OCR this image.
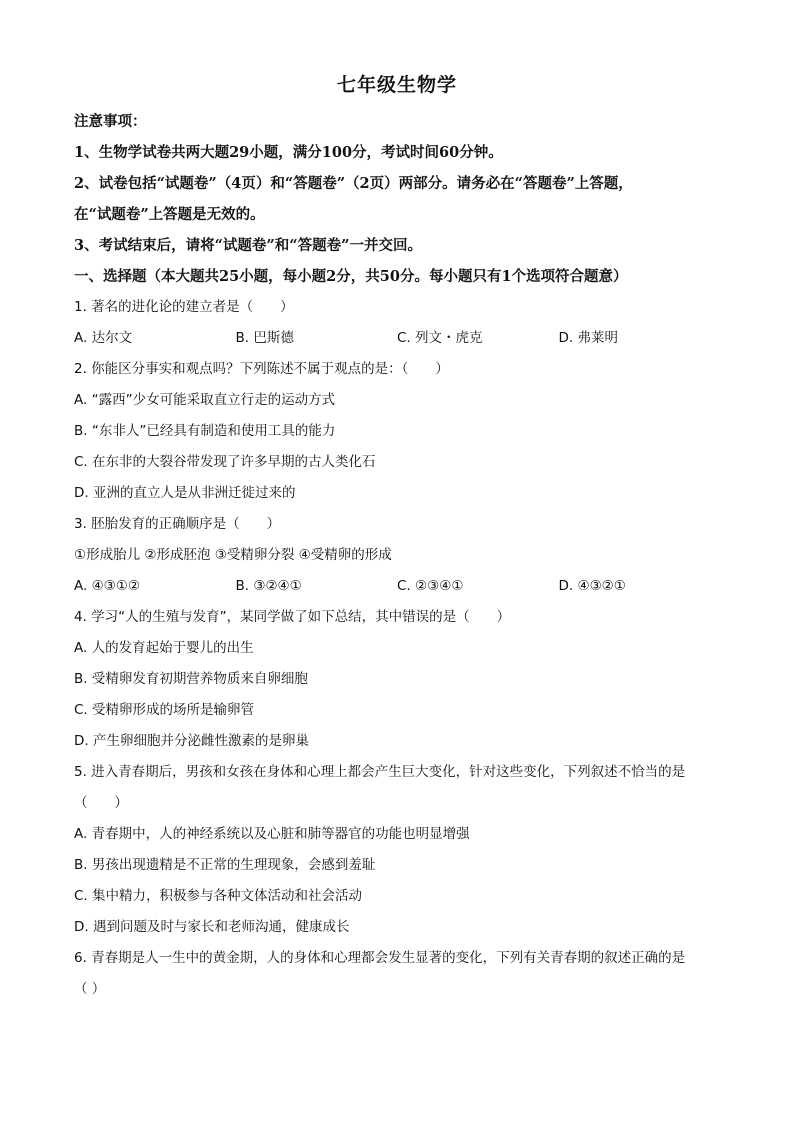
七年级生物学
注意事项：
1、生物学试卷共两大题29小题，满分100分，考试时间60分钟。
2、试卷包括“试题卷”（4页）和“答题卷”（2页）两部分。请务必在“答题卷”上答题，
在“试题卷”上答题是无效的。
3、考试结束后，请将“试题卷”和“答题卷”一并交回。
一、选择题（本大题共25小题，每小题2分，共50分。每小题只有1个选项符合题意）
1. 著名的进化论的建立者是（　　）
A. 达尔文	B. 巴斯德	C. 列文・虎克	D. 弗莱明
2. 你能区分事实和观点吗？下列陈述不属于观点的是：（　　）
A. “露西”少女可能采取直立行走的运动方式
B. “东非人”已经具有制造和使用工具的能力
C. 在东非的大裂谷带发现了许多早期的古人类化石
D. 亚洲的直立人是从非洲迁徙过来的
3. 胚胎发育的正确顺序是（　　）
①形成胎儿 ②形成胚泡 ③受精卵分裂 ④受精卵的形成
A. ④③①②	B. ③②④①	C. ②③④①	D. ④③②①
4. 学习“人的生殖与发育”，某同学做了如下总结，其中错误的是（　　）
A. 人的发育起始于婴儿的出生
B. 受精卵发育初期营养物质来自卵细胞
C. 受精卵形成的场所是输卵管
D. 产生卵细胞并分泌雌性激素的是卵巢
5. 进入青春期后，男孩和女孩在身体和心理上都会产生巨大变化，针对这些变化，下列叙述不恰当的是
（　　）
A. 青春期中，人的神经系统以及心脏和肺等器官的功能也明显增强
B. 男孩出现遗精是不正常的生理现象，会感到羞耻
C. 集中精力，积极参与各种文体活动和社会活动
D. 遇到问题及时与家长和老师沟通，健康成长
6. 青春期是人一生中的黄金期，人的身体和心理都会发生显著的变化，下列有关青春期的叙述正确的是
（ ）
